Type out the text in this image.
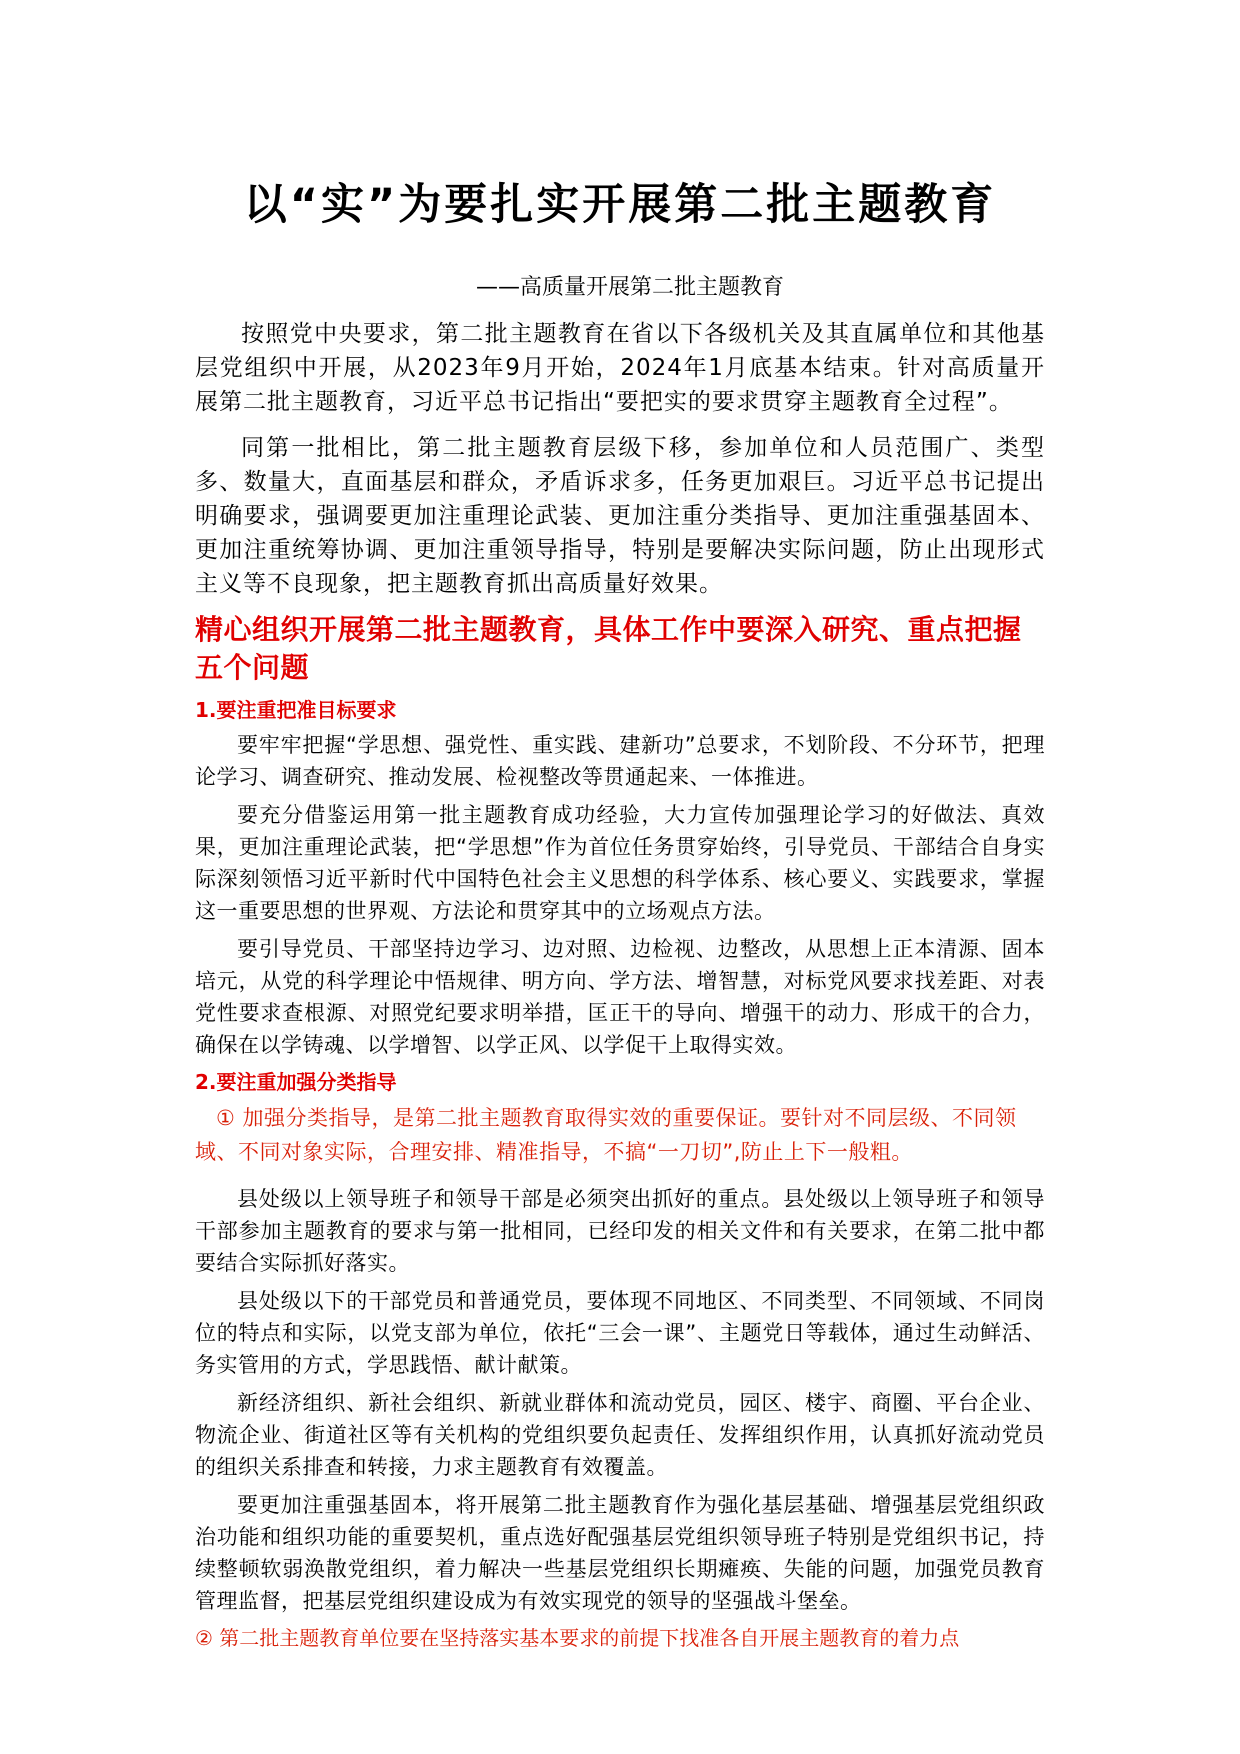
以“实”为要扎实开展第二批主题教育
——高质量开展第二批主题教育

按照党中央要求，第二批主题教育在省以下各级机关及其直属单位和其他基层党组织中开展，从2023年9月开始，2024年1月底基本结束。针对高质量开展第二批主题教育，习近平总书记指出“要把实的要求贯穿主题教育全过程”。

同第一批相比，第二批主题教育层级下移，参加单位和人员范围广、类型多、数量大，直面基层和群众，矛盾诉求多，任务更加艰巨。习近平总书记提出明确要求，强调要更加注重理论武装、更加注重分类指导、更加注重强基固本、更加注重统筹协调、更加注重领导指导，特别是要解决实际问题，防止出现形式主义等不良现象，把主题教育抓出高质量好效果。

精心组织开展第二批主题教育，具体工作中要深入研究、重点把握五个问题
1.要注重把准目标要求

要牢牢把握“学思想、强党性、重实践、建新功”总要求，不划阶段、不分环节，把理论学习、调查研究、推动发展、检视整改等贯通起来、一体推进。

要充分借鉴运用第一批主题教育成功经验，大力宣传加强理论学习的好做法、真效果，更加注重理论武装，把“学思想”作为首位任务贯穿始终，引导党员、干部结合自身实际深刻领悟习近平新时代中国特色社会主义思想的科学体系、核心要义、实践要求，掌握这一重要思想的世界观、方法论和贯穿其中的立场观点方法。

要引导党员、干部坚持边学习、边对照、边检视、边整改，从思想上正本清源、固本培元，从党的科学理论中悟规律、明方向、学方法、增智慧，对标党风要求找差距、对表党性要求查根源、对照党纪要求明举措，匡正干的导向、增强干的动力、形成干的合力，确保在以学铸魂、以学增智、以学正风、以学促干上取得实效。

2.要注重加强分类指导

① 加强分类指导，是第二批主题教育取得实效的重要保证。要针对不同层级、不同领域、不同对象实际，合理安排、精准指导，不搞“一刀切”,防止上下一般粗。

县处级以上领导班子和领导干部是必须突出抓好的重点。县处级以上领导班子和领导干部参加主题教育的要求与第一批相同，已经印发的相关文件和有关要求，在第二批中都要结合实际抓好落实。

县处级以下的干部党员和普通党员，要体现不同地区、不同类型、不同领域、不同岗位的特点和实际，以党支部为单位，依托“三会一课”、主题党日等载体，通过生动鲜活、务实管用的方式，学思践悟、献计献策。

新经济组织、新社会组织、新就业群体和流动党员，园区、楼宇、商圈、平台企业、物流企业、街道社区等有关机构的党组织要负起责任、发挥组织作用，认真抓好流动党员的组织关系排查和转接，力求主题教育有效覆盖。

要更加注重强基固本，将开展第二批主题教育作为强化基层基础、增强基层党组织政治功能和组织功能的重要契机，重点选好配强基层党组织领导班子特别是党组织书记，持续整顿软弱涣散党组织，着力解决一些基层党组织长期瘫痪、失能的问题，加强党员教育管理监督，把基层党组织建设成为有效实现党的领导的坚强战斗堡垒。

② 第二批主题教育单位要在坚持落实基本要求的前提下找准各自开展主题教育的着力点
